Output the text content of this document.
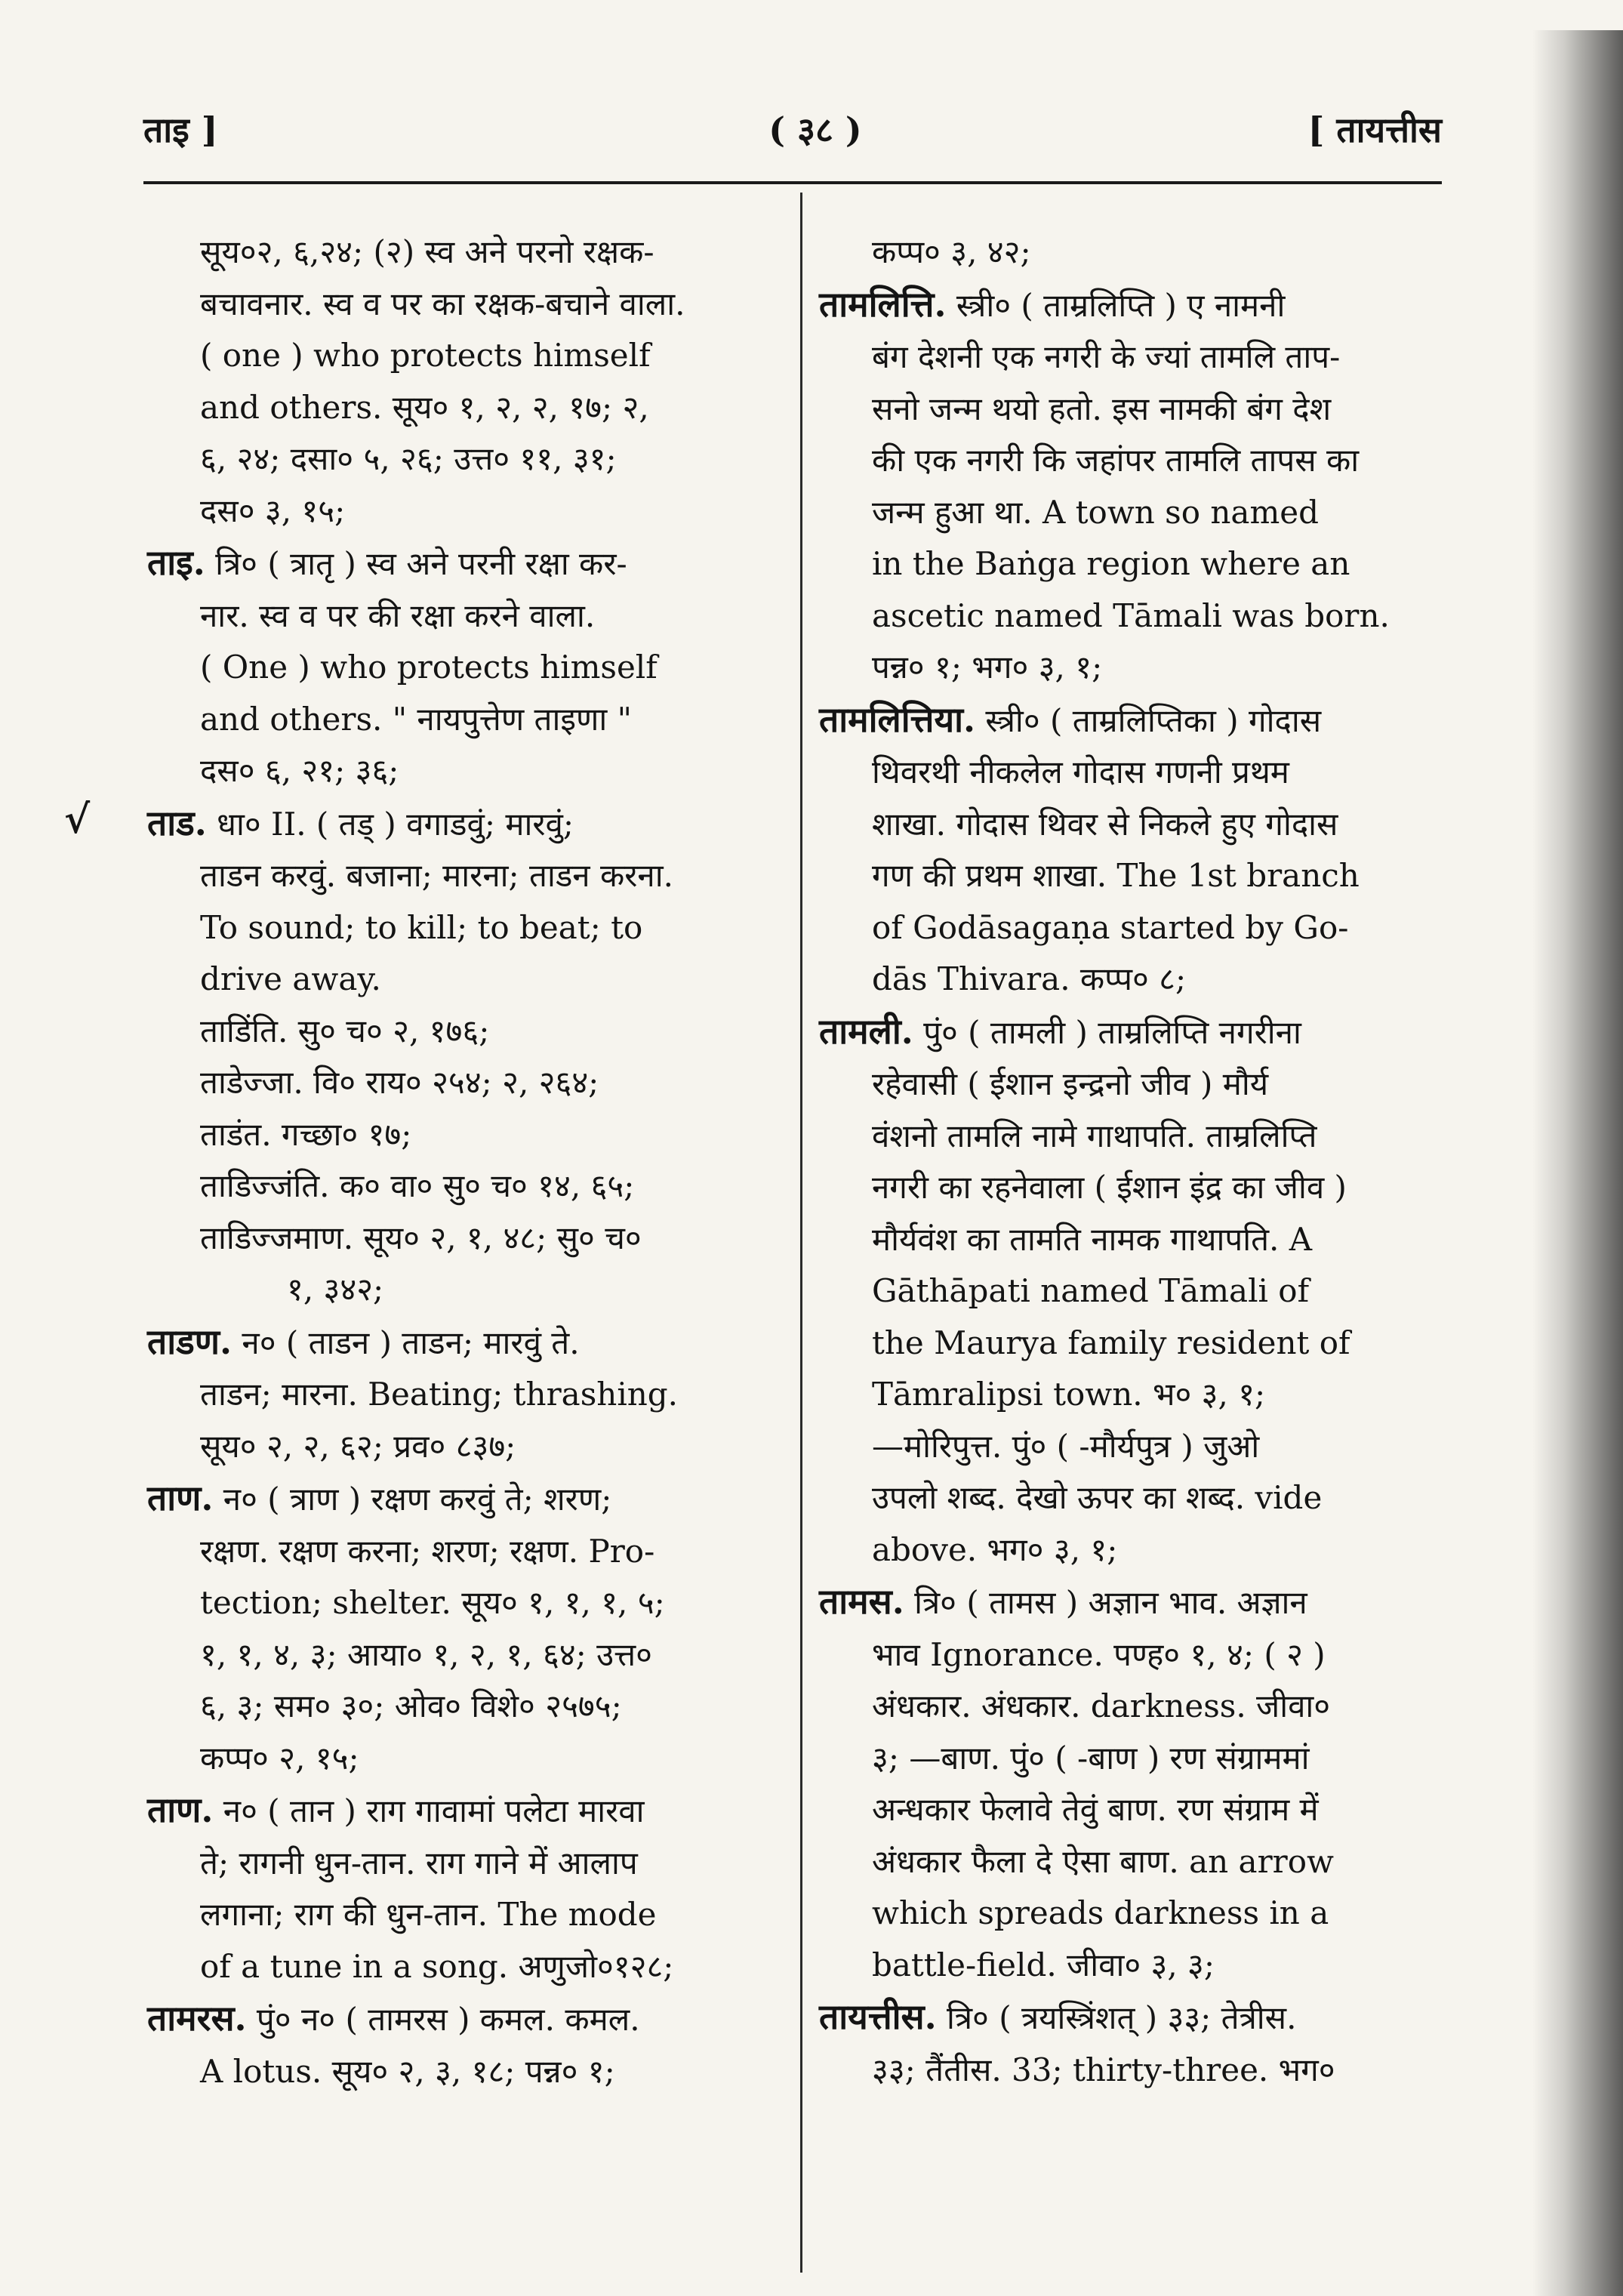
ताइ ]	( ३८ )	[ तायत्तीस
सूय०२, ६,२४; (२) स्व अने परनो रक्षक-
बचावनार. स्व व पर का रक्षक-बचाने वाला.
( one ) who protects himself
and others. सूय० १, २, २, १७; २,
६, २४; दसा० ५, २६; उत्त० ११, ३१;
दस० ३, १५;
ताइ. त्रि० ( त्रातृ ) स्व अने परनी रक्षा कर-
नार. स्व व पर की रक्षा करने वाला.
( One ) who protects himself
and others. " नायपुत्तेण ताइणा "
दस० ६, २१; ३६;
ताड. धा० II. ( तड् ) वगाडवुं; मारवुं;
√
ताडन करवुं. बजाना; मारना; ताडन करना.
To sound; to kill; to beat; to
drive away.
ताडिंति. सु० च० २, १७६;
ताडेज्जा. वि० राय० २५४; २, २६४;
ताडंत. गच्छा० १७;
ताडिज्जंति. क० वा० सु० च० १४, ६५;
ताडिज्जमाण. सूय० २, १, ४८; सु० च०
१, ३४२;
ताडण. न० ( ताडन ) ताडन; मारवुं ते.
ताडन; मारना. Beating; thrashing.
सूय० २, २, ६२; प्रव० ८३७;
ताण. न० ( त्राण ) रक्षण करवुं ते; शरण;
रक्षण. रक्षण करना; शरण; रक्षण. Pro-
tection; shelter. सूय० १, १, १, ५;
१, १, ४, ३; आया० १, २, १, ६४; उत्त०
६, ३; सम० ३०; ओव० विशे० २५७५;
कप्प० २, १५;
ताण. न० ( तान ) राग गावामां पलेटा मारवा
ते; रागनी धुन-तान. राग गाने में आलाप
लगाना; राग की धुन-तान. The mode
of a tune in a song. अणुजो०१२८;
तामरस. पुं० न० ( तामरस ) कमल. कमल.
A lotus. सूय० २, ३, १८; पन्न० १;
कप्प० ३, ४२;
तामलित्ति. स्त्री० ( ताम्रलिप्ति ) ए नामनी
बंग देशनी एक नगरी के ज्यां तामलि ताप-
सनो जन्म थयो हतो. इस नामकी बंग देश
की एक नगरी कि जहांपर तामलि तापस का
जन्म हुआ था. A town so named
in the Baṅga region where an
ascetic named Tāmali was born.
पन्न० १; भग० ३, १;
तामलित्तिया. स्त्री० ( ताम्रलिप्तिका ) गोदास
थिवरथी नीकलेल गोदास गणनी प्रथम
शाखा. गोदास थिवर से निकले हुए गोदास
गण की प्रथम शाखा. The 1st branch
of Godāsagaṇa started by Go-
dās Thivara. कप्प० ८;
तामली. पुं० ( तामली ) ताम्रलिप्ति नगरीना
रहेवासी ( ईशान इन्द्रनो जीव ) मौर्य
वंशनो तामलि नामे गाथापति. ताम्रलिप्ति
नगरी का रहनेवाला ( ईशान इंद्र का जीव )
मौर्यवंश का तामति नामक गाथापति. A
Gāthāpati named Tāmali of
the Maurya family resident of
Tāmralipsi town. भ० ३, १;
—मोरिपुत्त. पुं० ( -मौर्यपुत्र ) जुओ
उपलो शब्द. देखो ऊपर का शब्द. vide
above. भग० ३, १;
तामस. त्रि० ( तामस ) अज्ञान भाव. अज्ञान
भाव Ignorance. पण्ह० १, ४; ( २ )
अंधकार. अंधकार. darkness. जीवा०
३; —बाण. पुं० ( -बाण ) रण संग्राममां
अन्धकार फेलावे तेवुं बाण. रण संग्राम में
अंधकार फैला दे ऐसा बाण. an arrow
which spreads darkness in a
battle-field. जीवा० ३, ३;
तायत्तीस. त्रि० ( त्रयस्त्रिंशत् ) ३३; तेत्रीस.
३३; तैंतीस. 33; thirty-three. भग०
